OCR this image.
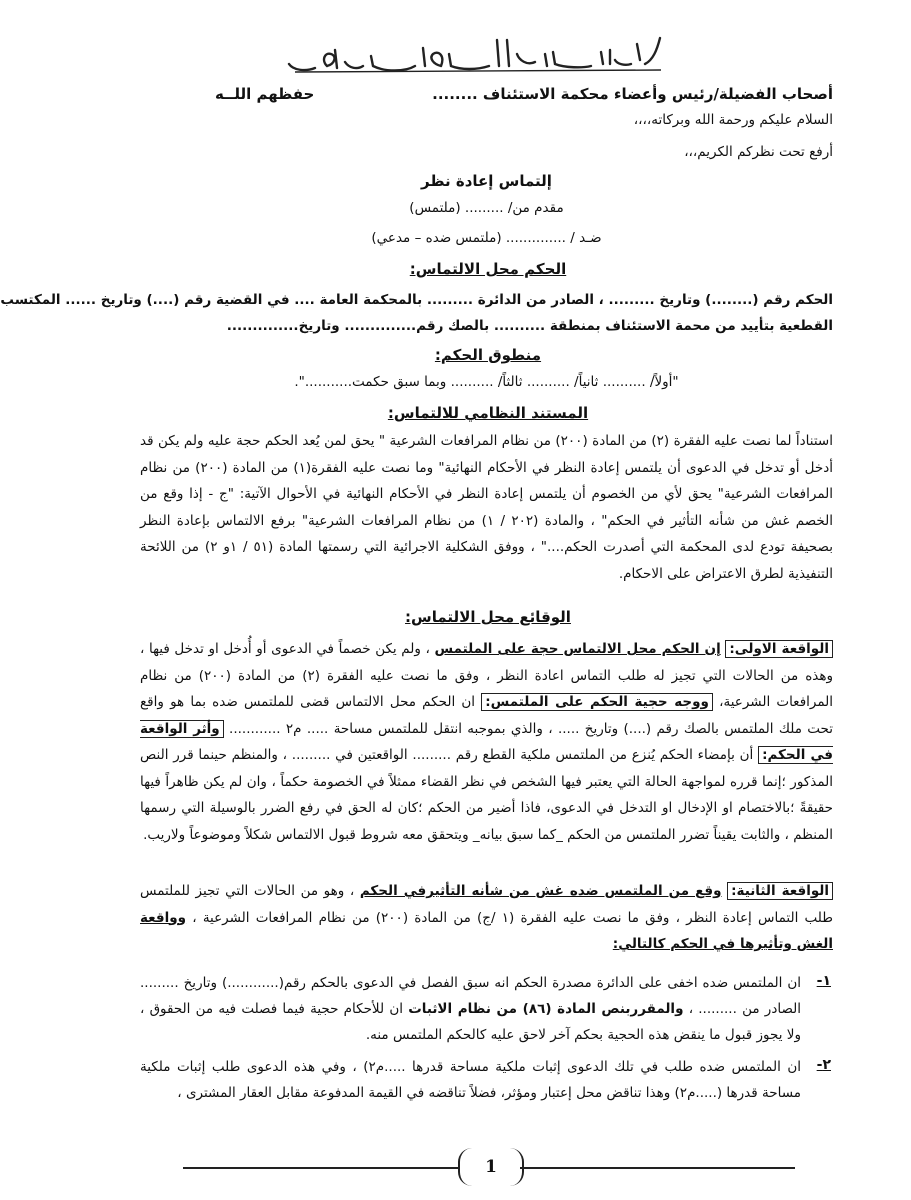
أصحاب الفضيلة/رئيس وأعضاء محكمة الاستئناف ........
حفظهم اللــه
السلام عليكم ورحمة الله وبركاته،،،،
أرفع تحت نظركم الكريم،،،
إلتماس إعادة نظر
مقدم من/ ......... (ملتمس)
ضـد / .............. (ملتمس ضده – مدعي)
الحكم محل الالتماس:
الحكم رقم (........) وتاريخ ......... ، الصادر من الدائرة ......... بالمحكمة العامة .... في القضية رقم (....) وتاريخ ...... المكتسب
القطعية بتأييد من محمة الاستئناف بمنطقة .......... بالصك رقم.............. وتاريخ..............
منطوق الحكم:
"أولاً/ .......... ثانياً/ .......... ثالثاً/ .......... وبما سبق حكمت...........".
المستند النظامي للالتماس:
استناداً لما نصت عليه الفقرة (٢) من المادة (٢٠٠) من نظام المرافعات الشرعية " يحق لمن يُعد الحكم حجة عليه ولم يكن قد أدخل أو تدخل في الدعوى أن يلتمس إعادة النظر في الأحكام النهائية" وما نصت عليه الفقرة(١) من المادة (٢٠٠) من نظام المرافعات الشرعية" يحق لأي من الخصوم أن يلتمس إعادة النظر في الأحكام النهائية في الأحوال الآتية: "ج - إذا وقع من الخصم غش من شأنه التأثير في الحكم" ، والمادة (٢٠٢ / ١) من نظام المرافعات الشرعية" برفع الالتماس بإعادة النظر بصحيفة تودع لدى المحكمة التي أصدرت الحكم...." ، ووفق الشكلية الاجرائية التي رسمتها المادة (٥١ / ١و ٢) من اللائحة التنفيذية لطرق الاعتراض على الاحكام.
الوقائع محل الالتماس:
الواقعة الاولى: إن الحكم محل الالتماس حجة على الملتمس ، ولم يكن خصماً في الدعوى أو أُدخل او تدخل فيها ، وهذه من الحالات التي تجيز له طلب التماس اعادة النظر ، وفق ما نصت عليه الفقرة (٢) من المادة (٢٠٠) من نظام المرافعات الشرعية، ووجه حجية الحكم على الملتمس: ان الحكم محل الالتماس قضى للملتمس ضده بما هو واقع تحت ملك الملتمس بالصك رقم (....) وتاريخ ..... ، والذي بموجبه انتقل للملتمس مساحة ..... م٢ ............ وأثر الواقعة في الحكم: أن بإمضاء الحكم يُنزع من الملتمس ملكية القطع رقم ......... الواقعتين في ......... ، والمنظم حينما قرر النص المذكور ؛إنما قرره لمواجهة الحالة التي يعتبر فيها الشخص في نظر القضاء ممثلاً في الخصومة حكماً ، وان لم يكن ظاهراً فيها حقيقةً ؛بالاختصام او الإدخال او التدخل في الدعوى، فاذا أضير من الحكم ؛كان له الحق في رفع الضرر بالوسيلة التي رسمها المنظم ، والثابت يقيناً تضرر الملتمس من الحكم _كما سبق بيانه_ ويتحقق معه شروط قبول الالتماس شكلاً وموضوعاً ولاريب.
الواقعة الثانية: وقع من الملتمس ضده غش من شأنه التأثيرفي الحكم ، وهو من الحالات التي تجيز للملتمس طلب التماس إعادة النظر ، وفق ما نصت عليه الفقرة (١ /ج) من المادة (٢٠٠) من نظام المرافعات الشرعية ، وواقعة الغش وتأثيرها في الحكم كالتالي:
١-
ان الملتمس ضده اخفى على الدائرة مصدرة الحكم انه سبق الفصل في الدعوى بالحكم رقم(............) وتاريخ ......... الصادر من ......... ، والمقرربنص المادة (٨٦) من نظام الاثبات ان للأحكام حجية فيما فصلت فيه من الحقوق ، ولا يجوز قبول ما ينقض هذه الحجية بحكم آخر لاحق عليه كالحكم الملتمس منه.
٢-
ان الملتمس ضده طلب في تلك الدعوى إثبات ملكية مساحة قدرها .....م٢) ، وفي هذه الدعوى طلب إثبات ملكية مساحة قدرها (.....م٢) وهذا تناقض محل إعتبار ومؤثر، فضلاً تناقضه في القيمة المدفوعة مقابل العقار المشترى ،
1
